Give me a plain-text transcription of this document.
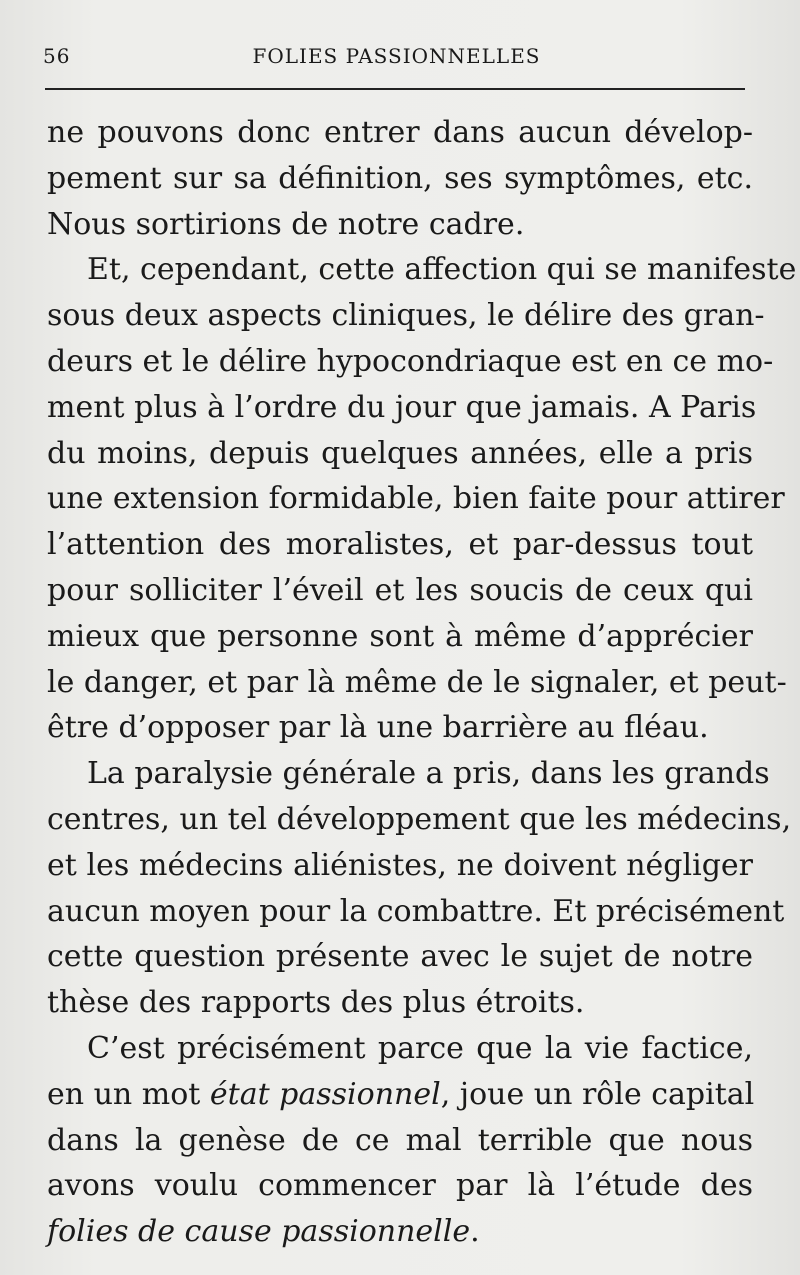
56	FOLIES PASSIONNELLES
ne pouvons donc entrer dans aucun dévelop-
pement sur sa définition, ses symptômes, etc.
Nous sortirions de notre cadre.
Et, cependant, cette affection qui se manifeste
sous deux aspects cliniques, le délire des gran-
deurs et le délire hypocondriaque est en ce mo-
ment plus à l’ordre du jour que jamais. A Paris
du moins, depuis quelques années, elle a pris
une extension formidable, bien faite pour attirer
l’attention des moralistes, et par-dessus tout
pour solliciter l’éveil et les soucis de ceux qui
mieux que personne sont à même d’apprécier
le danger, et par là même de le signaler, et peut-
être d’opposer par là une barrière au fléau.
La paralysie générale a pris, dans les grands
centres, un tel développement que les médecins,
et les médecins aliénistes, ne doivent négliger
aucun moyen pour la combattre. Et précisément
cette question présente avec le sujet de notre
thèse des rapports des plus étroits.
C’est précisément parce que la vie factice,
en un mot état passionnel, joue un rôle capital
dans la genèse de ce mal terrible que nous
avons voulu commencer par là l’étude des
folies de cause passionnelle.
